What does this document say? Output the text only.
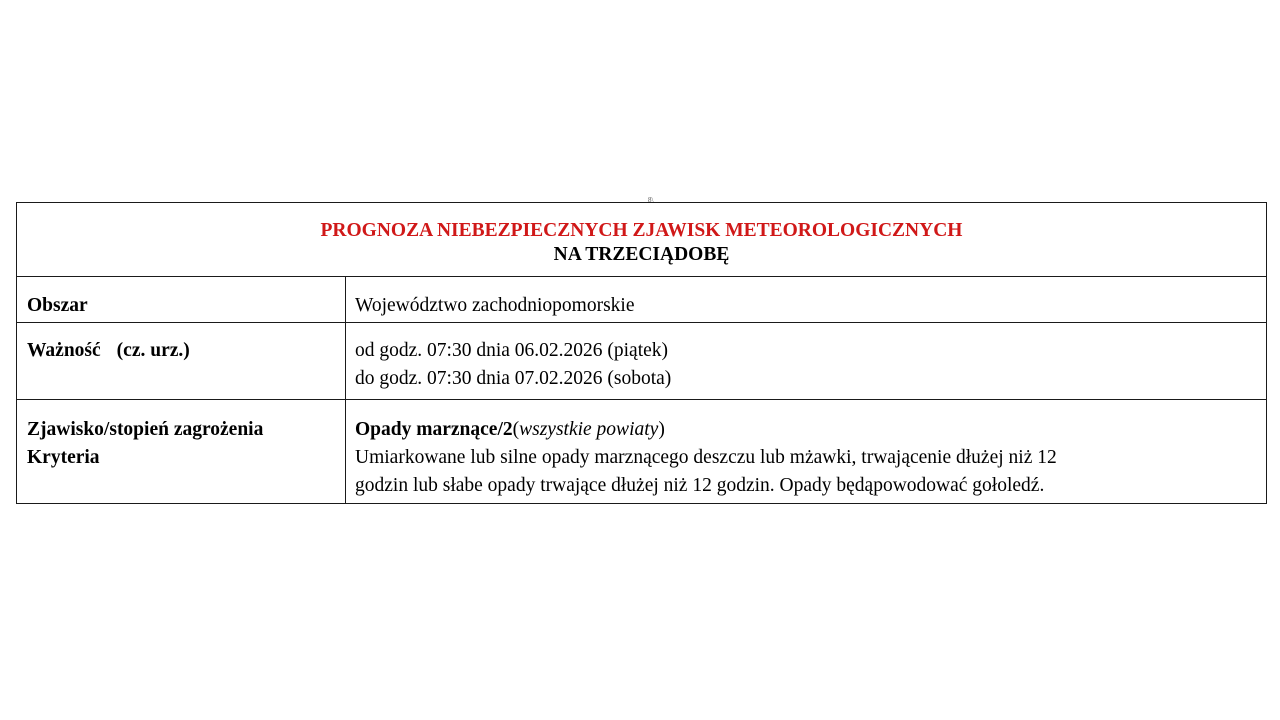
8\
PROGNOZA NIEBEZPIECZNYCH ZJAWISK METEOROLOGICZNYCH
NA TRZECIĄDOBĘ	

Obszar	Województwo zachodniopomorskie
Ważność (cz. urz.)	od godz. 07:30 dnia 06.02.2026 (piątek)
do godz. 07:30 dnia 07.02.2026 (sobota)

Zjawisko/stopień zagrożenia
Kryteria	Opady marznące/2(wszystkie powiaty)
Umiarkowane lub silne opady marznącego deszczu lub mżawki, trwającenie dłużej niż 12
godzin lub słabe opady trwające dłużej niż 12 godzin. Opady będąpowodować gołoledź.
